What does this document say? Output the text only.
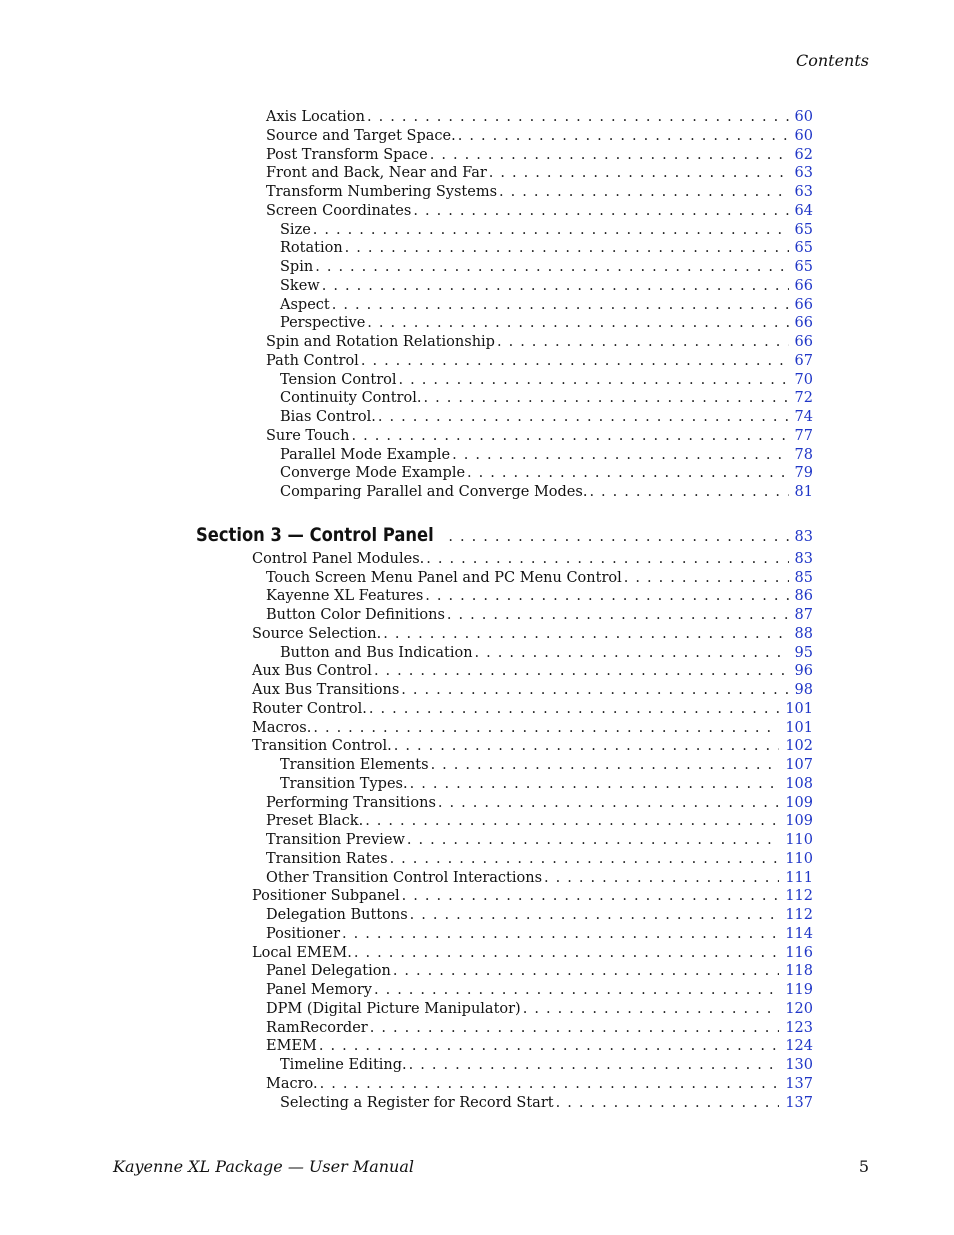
Contents
Axis Location . . .	60
Source and Target Space. . . .	60
Post Transform Space . . .	62
Front and Back, Near and Far . . .	63
Transform Numbering Systems . . .	63
Screen Coordinates . . .	64
Size . . .	65
Rotation . . .	65
Spin . . .	65
Skew . . .	66
Aspect . . .	66
Perspective . . .	66
Spin and Rotation Relationship . . .	66
Path Control . . .	67
Tension Control . . .	70
Continuity Control. . . .	72
Bias Control. . . .	74
Sure Touch . . .	77
Parallel Mode Example . . .	78
Converge Mode Example . . .	79
Comparing Parallel and Converge Modes. . . .	81
Section 3 — Control Panel . . .	83
Control Panel Modules. . . .	83
Touch Screen Menu Panel and PC Menu Control . . .	85
Kayenne XL Features . . .	86
Button Color Definitions . . .	87
Source Selection. . . .	88
Button and Bus Indication . . .	95
Aux Bus Control . . .	96
Aux Bus Transitions . . .	98
Router Control. . . .	101
Macros. . . .	101
Transition Control. . . .	102
Transition Elements . . .	107
Transition Types. . . .	108
Performing Transitions . . .	109
Preset Black. . . .	109
Transition Preview . . .	110
Transition Rates . . .	110
Other Transition Control Interactions . . .	111
Positioner Subpanel . . .	112
Delegation Buttons . . .	112
Positioner . . .	114
Local EMEM. . . .	116
Panel Delegation . . .	118
Panel Memory . . .	119
DPM (Digital Picture Manipulator) . . .	120
RamRecorder . . .	123
EMEM . . .	124
Timeline Editing. . . .	130
Macro. . . .	137
Selecting a Register for Record Start . . .	137
Kayenne XL Package — User Manual	5
